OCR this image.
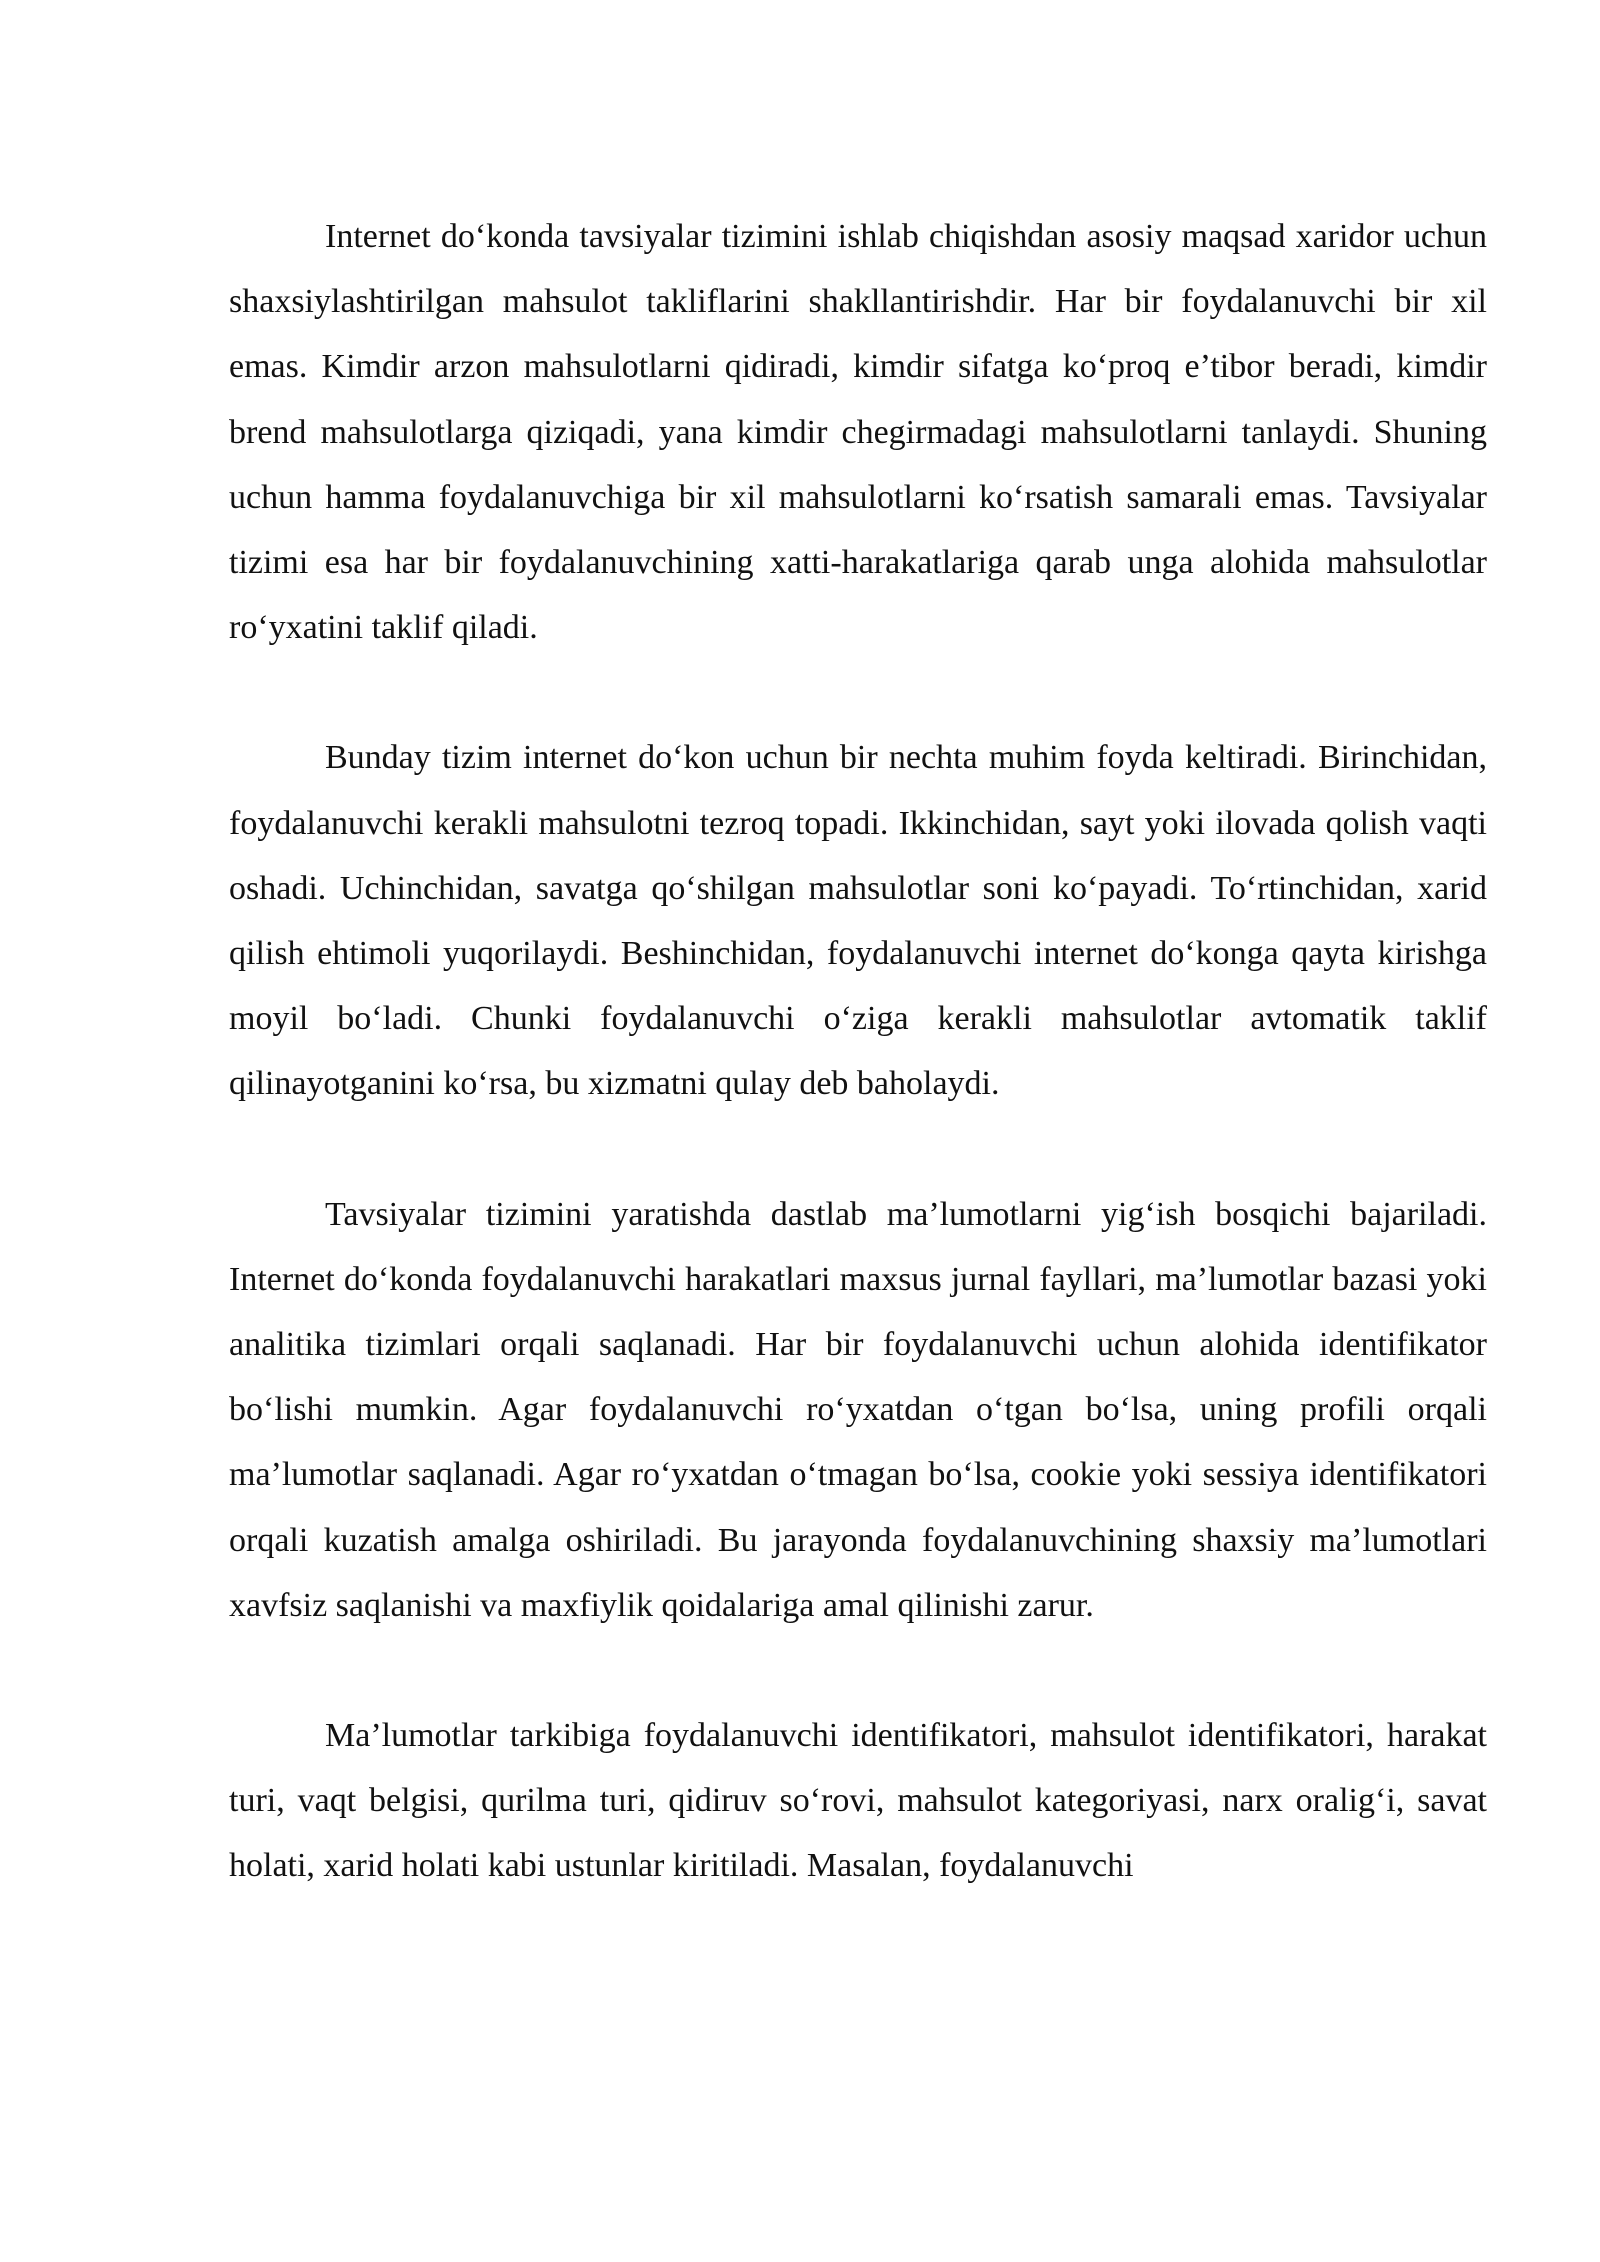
Internet do‘konda tavsiyalar tizimini ishlab chiqishdan asosiy maqsad xaridor uchun shaxsiylashtirilgan mahsulot takliflarini shakllantirishdir. Har bir foydalanuvchi bir xil emas. Kimdir arzon mahsulotlarni qidiradi, kimdir sifatga ko‘proq e’tibor beradi, kimdir brend mahsulotlarga qiziqadi, yana kimdir chegirmadagi mahsulotlarni tanlaydi. Shuning uchun hamma foydalanuvchiga bir xil mahsulotlarni ko‘rsatish samarali emas. Tavsiyalar tizimi esa har bir foydalanuvchining xatti-harakatlariga qarab unga alohida mahsulotlar ro‘yxatini taklif qiladi.

Bunday tizim internet do‘kon uchun bir nechta muhim foyda keltiradi. Birinchidan, foydalanuvchi kerakli mahsulotni tezroq topadi. Ikkinchidan, sayt yoki ilovada qolish vaqti oshadi. Uchinchidan, savatga qo‘shilgan mahsulotlar soni ko‘payadi. To‘rtinchidan, xarid qilish ehtimoli yuqorilaydi. Beshinchidan, foydalanuvchi internet do‘konga qayta kirishga moyil bo‘ladi. Chunki foydalanuvchi o‘ziga kerakli mahsulotlar avtomatik taklif qilinayotganini ko‘rsa, bu xizmatni qulay deb baholaydi.

Tavsiyalar tizimini yaratishda dastlab ma’lumotlarni yig‘ish bosqichi bajariladi. Internet do‘konda foydalanuvchi harakatlari maxsus jurnal fayllari, ma’lumotlar bazasi yoki analitika tizimlari orqali saqlanadi. Har bir foydalanuvchi uchun alohida identifikator bo‘lishi mumkin. Agar foydalanuvchi ro‘yxatdan o‘tgan bo‘lsa, uning profili orqali ma’lumotlar saqlanadi. Agar ro‘yxatdan o‘tmagan bo‘lsa, cookie yoki sessiya identifikatori orqali kuzatish amalga oshiriladi. Bu jarayonda foydalanuvchining shaxsiy ma’lumotlari xavfsiz saqlanishi va maxfiylik qoidalariga amal qilinishi zarur.

Ma’lumotlar tarkibiga foydalanuvchi identifikatori, mahsulot identifikatori, harakat turi, vaqt belgisi, qurilma turi, qidiruv so‘rovi, mahsulot kategoriyasi, narx oralig‘i, savat holati, xarid holati kabi ustunlar kiritiladi. Masalan, foydalanuvchi
